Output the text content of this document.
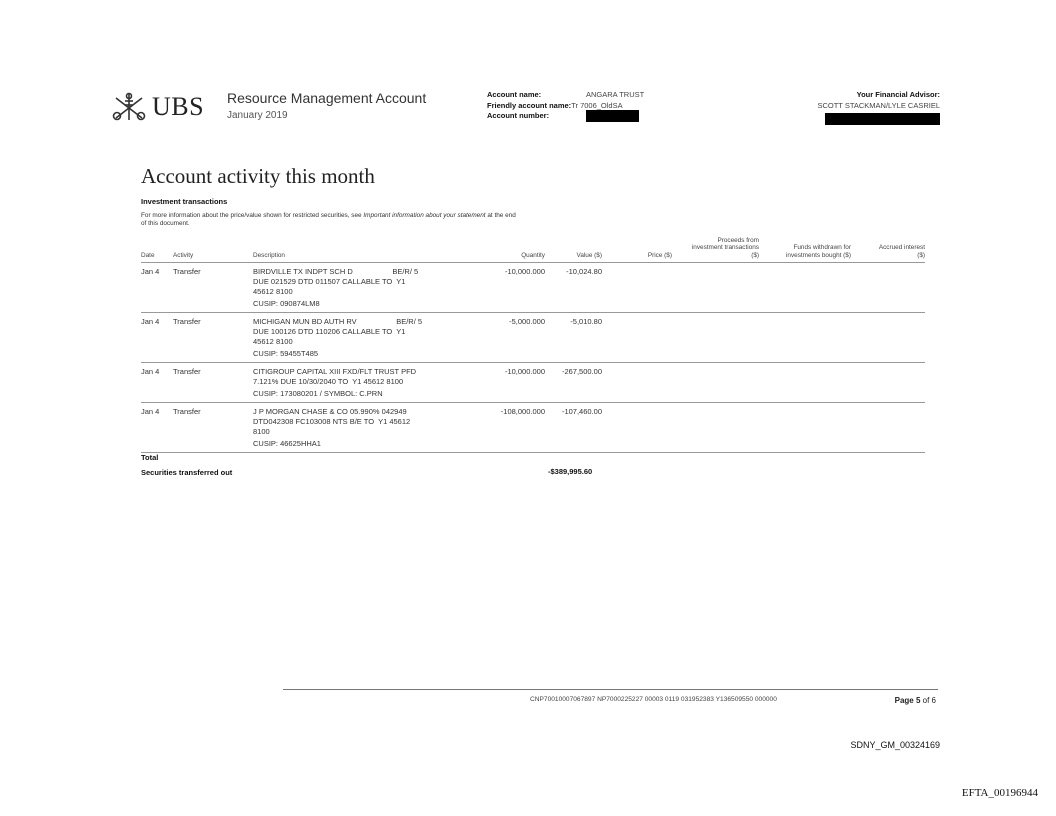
UBS Resource Management Account
January 2019
Account name:	ANGARA TRUST
Friendly account name: Tr 7006_OldSA
Account number:
Your Financial Advisor:
SCOTT STACKMAN/LYLE CASRIEL
Account activity this month
Investment transactions
For more information about the price/value shown for restricted securities, see Important information about your statement at the end of this document.
Date	Activity	Description	Quantity	Value ($)	Price ($)
Proceeds from investment transactions ($)
Funds withdrawn for investments bought ($)
Accrued interest ($)
Jan 4 Transfer	-10,000.000	-10,024.80
BIRDVILLE TX INDPT SCH D                   BE/R/ 5
DUE 021529 DTD 011507 CALLABLE TO  Y1
45612 8100
CUSIP: 090874LM8
Jan 4 Transfer	-5,000.000	-5,010.80
MICHIGAN MUN BD AUTH RV                   BE/R/ 5
DUE 100126 DTD 110206 CALLABLE TO  Y1
45612 8100
CUSIP: 59455T485
Jan 4 Transfer	-10,000.000 -267,500.00
CITIGROUP CAPITAL XIII FXD/FLT TRUST PFD
7.121% DUE 10/30/2040 TO  Y1 45612 8100
CUSIP: 173080201 / SYMBOL: C.PRN
Jan 4 Transfer	-108,000.000 -107,460.00
J P MORGAN CHASE & CO 05.990% 042949
DTD042308 FC103008 NTS B/E TO  Y1 45612
8100
CUSIP: 46625HHA1
Total
Securities transferred out	-$389,995.60
CNP70010007067897 NP7000225227 00003 0119 031952383 Y136509550 000000	Page 5 of 6
SDNY_GM_00324169
EFTA_00196944
